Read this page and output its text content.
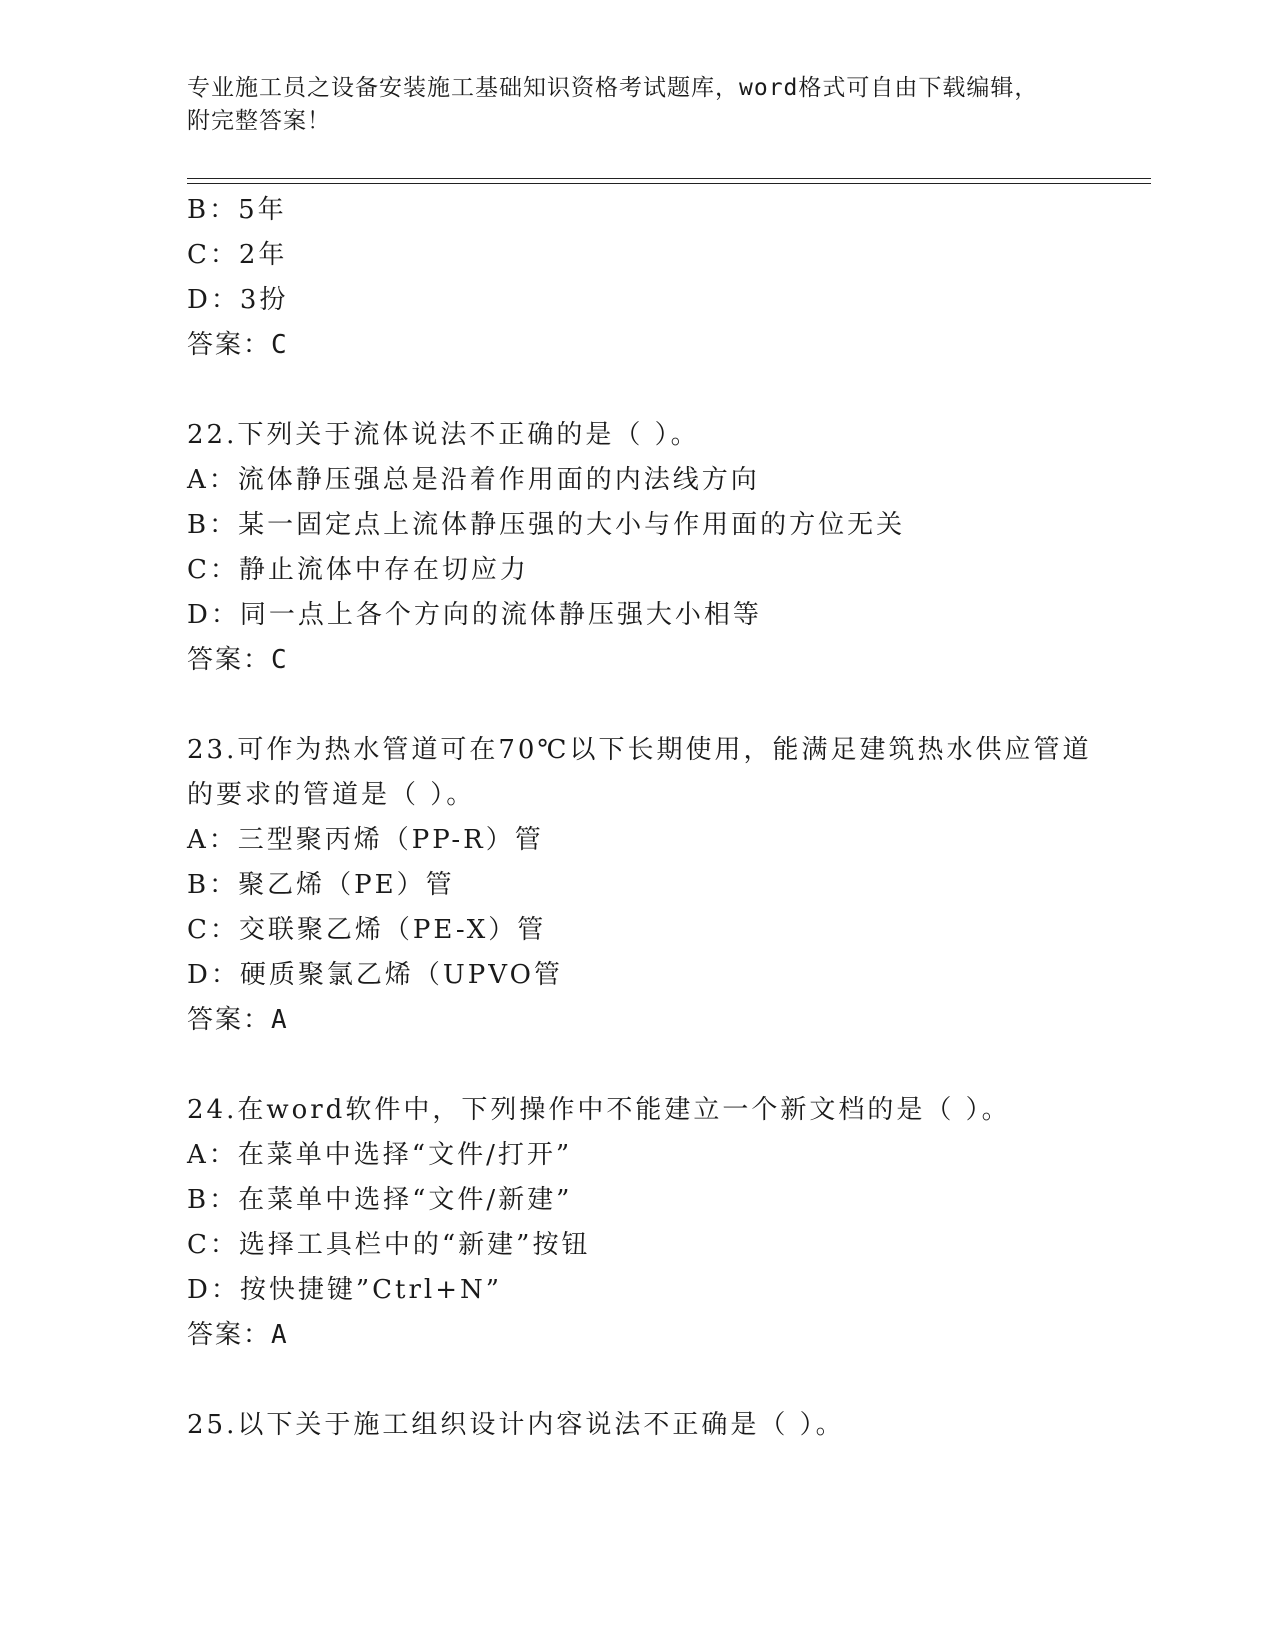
专业施工员之设备安装施工基础知识资格考试题库，word格式可自由下载编辑，
附完整答案！
B：5年
C：2年
D：3扮
答案：C
22.下列关于流体说法不正确的是（ ）。
A：流体静压强总是沿着作用面的内法线方向
B：某一固定点上流体静压强的大小与作用面的方位无关
C：静止流体中存在切应力
D：同一点上各个方向的流体静压强大小相等
答案：C
23.可作为热水管道可在70℃以下长期使用，能满足建筑热水供应管道
的要求的管道是（ ）。
A：三型聚丙烯（PP-R）管
B：聚乙烯（PE）管
C：交联聚乙烯（PE-X）管
D：硬质聚氯乙烯（UPVO管
答案：A
24.在word软件中，下列操作中不能建立一个新文档的是（ ）。
A：在菜单中选择“文件/打开”
B：在菜单中选择“文件/新建”
C：选择工具栏中的“新建”按钮
D：按快捷键”Ctrl+N”
答案：A
25.以下关于施工组织设计内容说法不正确是（ ）。
